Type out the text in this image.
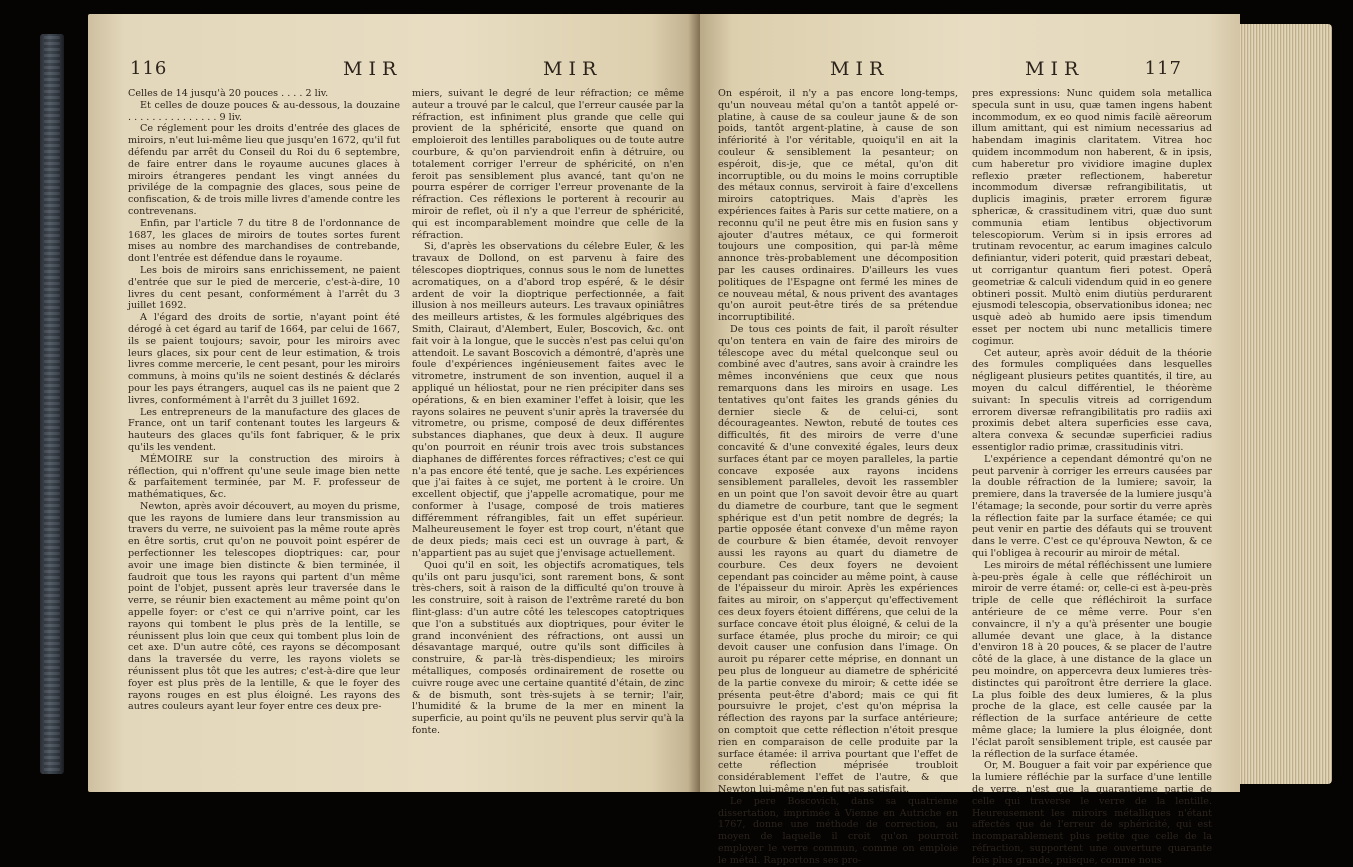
116	MIR	MIR

Celles de 14 jusqu'à 20 pouces . . . . 2 liv.

Et celles de douze pouces & au-dessous, la douzaine . . . . . . . . . . . . . . . 9 liv.

Ce réglement pour les droits d'entrée des glaces de miroirs, n'eut lui-même lieu que jusqu'en 1672, qu'il fut défendu par arrêt du Conseil du Roi du 6 septembre, de faire entrer dans le royaume aucunes glaces à miroirs étrangeres pendant les vingt années du privilége de la compagnie des glaces, sous peine de confiscation, & de trois mille livres d'amende contre les contrevenans.

Enfin, par l'article 7 du titre 8 de l'ordonnance de 1687, les glaces de miroirs de toutes sortes furent mises au nombre des marchandises de contrebande, dont l'entrée est défendue dans le royaume.

Les bois de miroirs sans enrichissement, ne paient d'entrée que sur le pied de mercerie, c'est-à-dire, 10 livres du cent pesant, conformément à l'arrêt du 3 juillet 1692.

A l'égard des droits de sortie, n'ayant point été dérogé à cet égard au tarif de 1664, par celui de 1667, ils se paient toujours; savoir, pour les miroirs avec leurs glaces, six pour cent de leur estimation, & trois livres comme mercerie, le cent pesant, pour les miroirs communs, à moins qu'ils ne soient destinés & déclarés pour les pays étrangers, auquel cas ils ne paient que 2 livres, conformément à l'arrêt du 3 juillet 1692.

Les entrepreneurs de la manufacture des glaces de France, ont un tarif contenant toutes les largeurs & hauteurs des glaces qu'ils font fabriquer, & le prix qu'ils les vendent.

MÉMOIRE sur la construction des miroirs à réflection, qui n'offrent qu'une seule image bien nette & parfaitement terminée, par M. F. professeur de mathématiques, &c.

Newton, après avoir découvert, au moyen du prisme, que les rayons de lumiere dans leur transmission au travers du verre, ne suivoient pas la même route après en être sortis, crut qu'on ne pouvoit point espérer de perfectionner les telescopes dioptriques: car, pour avoir une image bien distincte & bien terminée, il faudroit que tous les rayons qui partent d'un même point de l'objet, pussent après leur traversée dans le verre, se réunir bien exactement au même point qu'on appelle foyer: or c'est ce qui n'arrive point, car les rayons qui tombent le plus près de la lentille, se réunissent plus loin que ceux qui tombent plus loin de cet axe. D'un autre côté, ces rayons se décomposant dans la traversée du verre, les rayons violets se réunissent plus tôt que les autres; c'est-à-dire que leur foyer est plus près de la lentille, & que le foyer des rayons rouges en est plus éloigné. Les rayons des autres couleurs ayant leur foyer entre ces deux pre-

miers, suivant le degré de leur réfraction; ce même auteur a trouvé par le calcul, que l'erreur causée par la réfraction, est infiniment plus grande que celle qui provient de la sphéricité, ensorte que quand on emploieroit des lentilles paraboliques ou de toute autre courbure, & qu'on parviendroit enfin à détruire, ou totalement corriger l'erreur de sphéricité, on n'en feroit pas sensiblement plus avancé, tant qu'on ne pourra espérer de corriger l'erreur provenante de la réfraction. Ces réflexions le porterent à recourir au miroir de reflet, où il n'y a que l'erreur de sphéricité, qui est incomparablement moindre que celle de la réfraction.

Si, d'après les observations du célebre Euler, & les travaux de Dollond, on est parvenu à faire des télescopes dioptriques, connus sous le nom de lunettes acromatiques, on a d'abord trop espéré, & le désir ardent de voir la dioptrique perfectionnée, a fait illusion à nos meilleurs auteurs. Les travaux opiniâtres des meilleurs artistes, & les formules algébriques des Smith, Clairaut, d'Alembert, Euler, Boscovich, &c. ont fait voir à la longue, que le succès n'est pas celui qu'on attendoit. Le savant Boscovich a démontré, d'après une foule d'expériences ingénieusement faites avec le vitrometre, instrument de son invention, auquel il a appliqué un héliostat, pour ne rien précipiter dans ses opérations, & en bien examiner l'effet à loisir, que les rayons solaires ne peuvent s'unir après la traversée du vitrometre, ou prisme, composé de deux différentes substances diaphanes, que deux à deux. Il augure qu'on pourroit en réunir trois avec trois substances diaphanes de différentes forces réfractives; c'est ce qui n'a pas encore été tenté, que je sache. Les expériences que j'ai faites à ce sujet, me portent à le croire. Un excellent objectif, que j'appelle acromatique, pour me conformer à l'usage, composé de trois matieres différemment réfrangibles, fait un effet supérieur. Malheureusement le foyer est trop court, n'étant que de deux pieds; mais ceci est un ouvrage à part, & n'appartient pas au sujet que j'envisage actuellement.

Quoi qu'il en soit, les objectifs acromatiques, tels qu'ils ont paru jusqu'ici, sont rarement bons, & sont très-chers, soit à raison de la difficulté qu'on trouve à les construire, soit à raison de l'extrême rareté du bon flint-glass: d'un autre côté les telescopes catoptriques que l'on a substitués aux dioptriques, pour éviter le grand inconvénient des réfractions, ont aussi un désavantage marqué, outre qu'ils sont difficiles à construire, & par-là très-dispendieux; les miroirs métalliques, composés ordinairement de rosette ou cuivre rouge avec une certaine quantité d'étain, de zinc & de bismuth, sont très-sujets à se ternir; l'air, l'humidité & la brume de la mer en minent la superficie, au point qu'ils ne peuvent plus servir qu'à la fonte.

MIR	MIR	117

On espéroit, il n'y a pas encore long-temps, qu'un nouveau métal qu'on a tantôt appelé or-platine, à cause de sa couleur jaune & de son poids, tantôt argent-platine, à cause de son infériorité à l'or véritable, quoiqu'il en ait la couleur & sensiblement la pesanteur; on espéroit, dis-je, que ce métal, qu'on dit incorruptible, ou du moins le moins corruptible des métaux connus, serviroit à faire d'excellens miroirs catoptriques. Mais d'après les expériences faites à Paris sur cette matiere, on a reconnu qu'il ne peut être mis en fusion sans y ajouter d'autres métaux, ce qui formeroit toujours une composition, qui par-là même annonce très-probablement une décomposition par les causes ordinaires. D'ailleurs les vues politiques de l'Espagne ont fermé les mines de ce nouveau métal, & nous privent des avantages qu'on auroit peut-être tirés de sa prétendue incorruptibilité.

De tous ces points de fait, il paroît résulter qu'on tentera en vain de faire des miroirs de télescope avec du métal quelconque seul ou combiné avec d'autres, sans avoir à craindre les mêmes inconvéniens que ceux que nous remarquons dans les miroirs en usage. Les tentatives qu'ont faites les grands génies du dernier siecle & de celui-ci, sont décourageantes. Newton, rebuté de toutes ces difficultés, fit des miroirs de verre d'une concavité & d'une convexité égales, leurs deux surfaces étant par ce moyen paralleles, la partie concave exposée aux rayons incidens sensiblement paralleles, devoit les rassembler en un point que l'on savoit devoir être au quart du diametre de courbure, tant que le segment sphérique est d'un petit nombre de degrés; la partie opposée étant convexe d'un même rayon de courbure & bien étamée, devoit renvoyer aussi les rayons au quart du diametre de courbure. Ces deux foyers ne devoient cependant pas coincider au même point, à cause de l'épaisseur du miroir. Après les expériences faites au miroir, on s'apperçut qu'effectivement ces deux foyers étoient différens, que celui de la surface concave étoit plus éloigné, & celui de la surface étamée, plus proche du miroir; ce qui devoit causer une confusion dans l'image. On auroit pu réparer cette méprise, en donnant un peu plus de longueur au diametre de sphéricité de la partie convexe du miroir; & cette idée se présenta peut-être d'abord; mais ce qui fit poursuivre le projet, c'est qu'on méprisa la réflection des rayons par la surface antérieure; on comptoit que cette réflection n'étoit presque rien en comparaison de celle produite par la surface étamée: il arriva pourtant que l'effet de cette réflection méprisée troubloit considérablement l'effet de l'autre, & que Newton lui-même n'en fut pas satisfait.

Le pere Boscovich, dans sa quatrieme dissertation, imprimée à Vienne en Autriche en 1767, donne une méthode de correction, au moyen de laquelle il croit qu'on pourroit employer le verre commun, comme on emploie le métal. Rapportons ses pro-

pres expressions: Nunc quidem sola metallica specula sunt in usu, quæ tamen ingens habent incommodum, ex eo quod nimis facilè aëreorum illum amittant, qui est nimium necessarius ad habendam imaginis claritatem. Vitrea hoc quidem incommodum non haberent, & in ipsis, cum haberetur pro vividiore imagine duplex reflexio præter reflectionem, haberetur incommodum diversæ refrangibilitatis, ut duplicis imaginis, præter errorem figuræ sphericæ, & crassitudinem vitri, quæ duo sunt communia etiam lentibus objectivorum telescopiorum. Verùm si in ipsis errores ad trutinam revocentur, ac earum imagines calculo definiantur, videri poterit, quid præstari debeat, ut corrigantur quantum fieri potest. Operâ geometriæ & calculi videndum quid in eo genere obtineri possit. Multò enim diutiùs perdurarent ejusmodi telescopia, observationibus idonea; nec usquè adeò ab humido aere ipsis timendum esset per noctem ubi nunc metallicis timere cogimur.

Cet auteur, après avoir déduit de la théorie des formules compliquées dans lesquelles négligeant plusieurs petites quantités, il tire, au moyen du calcul différentiel, le théorème suivant: In speculis vitreis ad corrigendum errorem diversæ refrangibilitatis pro radiis axi proximis debet altera superficies esse cava, altera convexa & secundæ superficiei radius essentiglor radio primæ, crassitudinis vitri.

L'expérience a cependant démontré qu'on ne peut parvenir à corriger les erreurs causées par la double réfraction de la lumiere; savoir, la premiere, dans la traversée de la lumiere jusqu'à l'étamage; la seconde, pour sortir du verre après la réflection faite par la surface étamée; ce qui peut venir en partie des défauts qui se trouvent dans le verre. C'est ce qu'éprouva Newton, & ce qui l'obligea à recourir au miroir de métal.

Les miroirs de métal réfléchissent une lumiere à-peu-près égale à celle que réfléchiroit un miroir de verre étamé: or, celle-ci est à-peu-près triple de celle que réfléchiroit la surface antérieure de ce même verre. Pour s'en convaincre, il n'y a qu'à présenter une bougie allumée devant une glace, à la distance d'environ 18 à 20 pouces, & se placer de l'autre côté de la glace, à une distance de la glace un peu moindre, on appercevra deux lumieres très-distinctes qui paroîtront être derriere la glace. La plus foible des deux lumieres, & la plus proche de la glace, est celle causée par la réflection de la surface antérieure de cette même glace; la lumiere la plus éloignée, dont l'éclat paroît sensiblement triple, est causée par la réflection de la surface étamée.

Or, M. Bouguer a fait voir par expérience que la lumiere réfléchie par la surface d'une lentille de verre, n'est que la quarantieme partie de celle qui traverse le verre de la lentille. Heureusement les miroirs métalliques n'étant affectés que de l'erreur de sphéricité, qui est incomparablement plus petite que celle de la réfraction, supportent une ouverture quarante fois plus grande, puisque, comme nous
